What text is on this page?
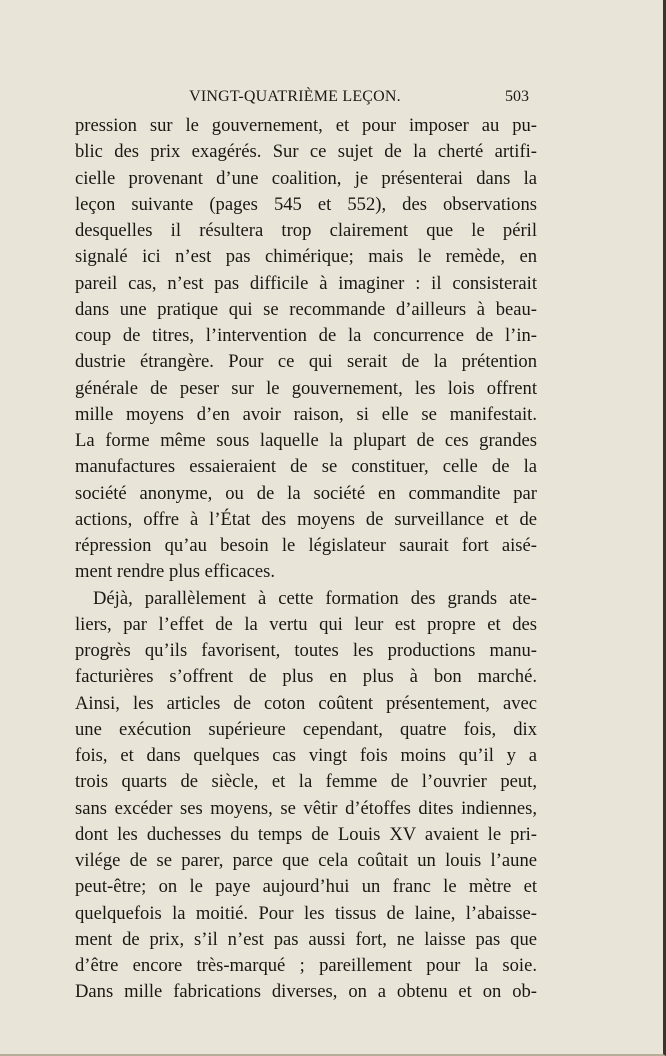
VINGT-QUATRIÈME LEÇON.	503
pression sur le gouvernement, et pour imposer au pu-
blic des prix exagérés. Sur ce sujet de la cherté artifi-
cielle provenant d’une coalition, je présenterai dans la
leçon suivante (pages 545 et 552), des observations
desquelles il résultera trop clairement que le péril
signalé ici n’est pas chimérique; mais le remède, en
pareil cas, n’est pas difficile à imaginer : il consisterait
dans une pratique qui se recommande d’ailleurs à beau-
coup de titres, l’intervention de la concurrence de l’in-
dustrie étrangère. Pour ce qui serait de la prétention
générale de peser sur le gouvernement, les lois offrent
mille moyens d’en avoir raison, si elle se manifestait.
La forme même sous laquelle la plupart de ces grandes
manufactures essaieraient de se constituer, celle de la
société anonyme, ou de la société en commandite par
actions, offre à l’État des moyens de surveillance et de
répression qu’au besoin le législateur saurait fort aisé-
ment rendre plus efficaces.
Déjà, parallèlement à cette formation des grands ate-
liers, par l’effet de la vertu qui leur est propre et des
progrès qu’ils favorisent, toutes les productions manu-
facturières s’offrent de plus en plus à bon marché.
Ainsi, les articles de coton coûtent présentement, avec
une exécution supérieure cependant, quatre fois, dix
fois, et dans quelques cas vingt fois moins qu’il y a
trois quarts de siècle, et la femme de l’ouvrier peut,
sans excéder ses moyens, se vêtir d’étoffes dites indiennes,
dont les duchesses du temps de Louis XV avaient le pri-
vilége de se parer, parce que cela coûtait un louis l’aune
peut-être; on le paye aujourd’hui un franc le mètre et
quelquefois la moitié. Pour les tissus de laine, l’abaisse-
ment de prix, s’il n’est pas aussi fort, ne laisse pas que
d’être encore très-marqué ; pareillement pour la soie.
Dans mille fabrications diverses, on a obtenu et on ob-
